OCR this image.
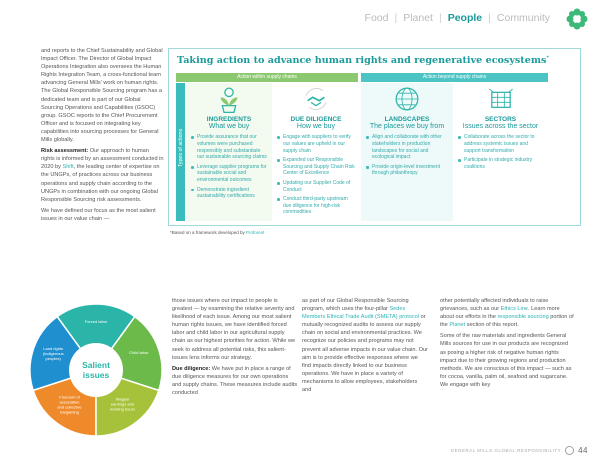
Food | Planet | People | Community

and reports to the Chief Sustainability and Global Impact Officer. The Director of Global Impact Operations Integration also oversees the Human Rights Integration Team, a cross-functional team advancing General Mills' work on human rights. The Global Responsible Sourcing program has a dedicated team and is part of our Global Sourcing Operations and Capabilities (GSOC) group. GSOC reports to the Chief Procurement Officer and is focused on integrating key capabilities into sourcing processes for General Mills globally.

Risk assessment: Our approach to human rights is informed by an assessment conducted in 2020 by Shift, the leading center of expertise on the UNGPs, of practices across our business operations and supply chain according to the UNGPs in combination with our ongoing Global Responsible Sourcing risk assessments.

We have defined our focus as the most salient issues in our value chain —

Salient
issues
Forced labor
Child labor
Wages/ earnings and working hours
Freedom of association and collective bargaining
Land rights (Indigenous peoples)
Taking action to advance human rights and regenerative ecosystems*
Action within supply chains	Action beyond supply chains
Types of actions
INGREDIENTS
What we buy
Provide assurance that our volumes were purchased responsibly and substantiate our sustainable sourcing claims
Leverage supplier programs for sustainable social and environmental outcomes
Demonstrate ingredient sustainability certifications
DUE DILIGENCE
How we buy
Engage with suppliers to verify our values are upheld in our supply chain
Expanded our Responsible Sourcing and Supply Chain Risk Center of Excellence
Updating our Supplier Code of Conduct
Conduct third-party upstream due diligence for high-risk commodities
LANDSCAPES
The places we buy from
Align and collaborate with other stakeholders in production landscapes for social and ecological impact
Provide origin-level investment through philanthropy
SECTORS
Issues across the sector
Collaborate across the sector to address systemic issues and support transformation
Participate in strategic industry coalitions
*Based on a framework developed by Proforest

those issues where our impact to people is greatest — by examining the relative severity and likelihood of each issue. Among our most salient human rights issues, we have identified forced labor and child labor in our agricultural supply chain as our highest priorities for action. While we seek to address all potential risks, this salient-issues lens informs our strategy.

Due diligence: We have put in place a range of due diligence measures for our own operations and supply chains. These measures include audits conducted

as part of our Global Responsible Sourcing program, which uses the four-pillar Sedex Members Ethical Trade Audit (SMETA) protocol or mutually recognized audits to assess our supply chain on social and environmental practices. We recognize our policies and programs may not prevent all adverse impacts in our value chain. Our aim is to provide effective responses where we find impacts directly linked to our business operations. We have in place a variety of mechanisms to allow employees, stakeholders and

other potentially affected individuals to raise grievances, such as our Ethics Line. Learn more about our efforts in the responsible sourcing portion of the Planet section of this report.

Some of the raw materials and ingredients General Mills sources for use in our products are recognized as posing a higher risk of negative human rights impact due to their growing regions and production methods. We are conscious of this impact — such as for cocoa, vanilla, palm oil, seafood and sugarcane. We engage with key

GENERAL MILLS GLOBAL RESPONSIBILITY 44
